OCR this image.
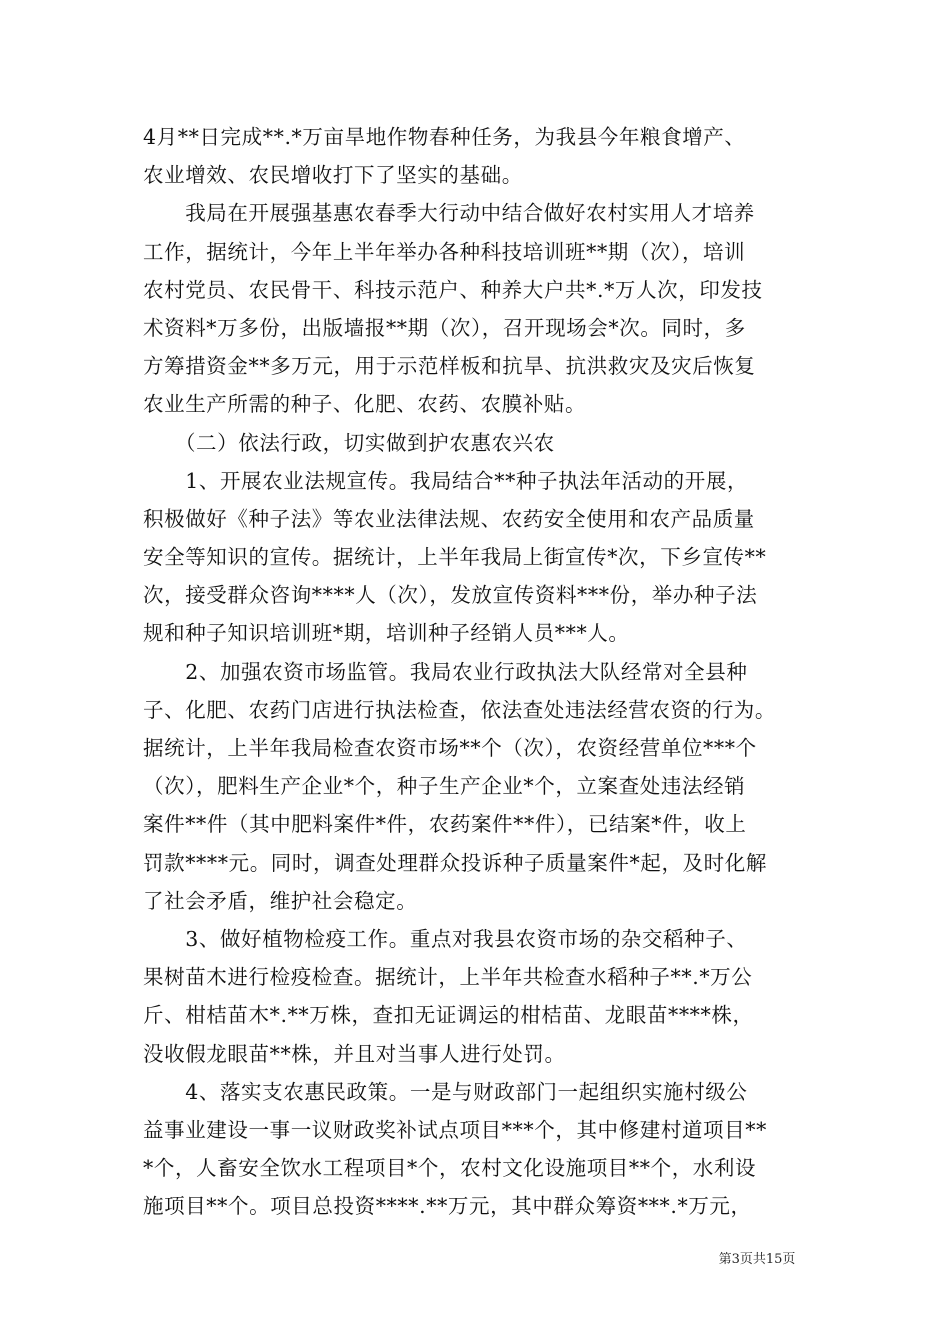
4月**日完成**.*万亩旱地作物春种任务，为我县今年粮食增产、
农业增效、农民增收打下了坚实的基础。
　　我局在开展强基惠农春季大行动中结合做好农村实用人才培养
工作，据统计，今年上半年举办各种科技培训班**期（次），培训
农村党员、农民骨干、科技示范户、种养大户共*.*万人次，印发技
术资料*万多份，出版墙报**期（次），召开现场会*次。同时，多
方筹措资金**多万元，用于示范样板和抗旱、抗洪救灾及灾后恢复
农业生产所需的种子、化肥、农药、农膜补贴。
　　（二）依法行政，切实做到护农惠农兴农
　　1、开展农业法规宣传。我局结合**种子执法年活动的开展，
积极做好《种子法》等农业法律法规、农药安全使用和农产品质量
安全等知识的宣传。据统计，上半年我局上街宣传*次，下乡宣传**
次，接受群众咨询****人（次），发放宣传资料***份，举办种子法
规和种子知识培训班*期，培训种子经销人员***人。
　　2、加强农资市场监管。我局农业行政执法大队经常对全县种
子、化肥、农药门店进行执法检查，依法查处违法经营农资的行为。
据统计，上半年我局检查农资市场**个（次），农资经营单位***个
（次），肥料生产企业*个，种子生产企业*个，立案查处违法经销
案件**件（其中肥料案件*件，农药案件**件），已结案*件，收上
罚款****元。同时，调查处理群众投诉种子质量案件*起，及时化解
了社会矛盾，维护社会稳定。
　　3、做好植物检疫工作。重点对我县农资市场的杂交稻种子、
果树苗木进行检疫检查。据统计，上半年共检查水稻种子**.*万公
斤、柑桔苗木*.**万株，查扣无证调运的柑桔苗、龙眼苗****株，
没收假龙眼苗**株，并且对当事人进行处罚。
　　4、落实支农惠民政策。一是与财政部门一起组织实施村级公
益事业建设一事一议财政奖补试点项目***个，其中修建村道项目**
*个，人畜安全饮水工程项目*个，农村文化设施项目**个，水利设
施项目**个。项目总投资****.**万元，其中群众筹资***.*万元，
第3页共15页
